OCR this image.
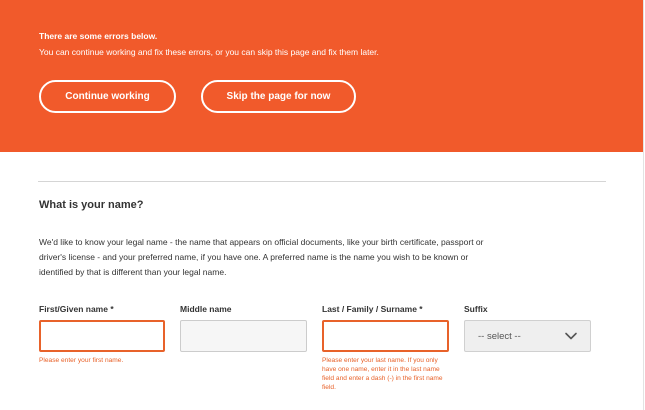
There are some errors below.
You can continue working and fix these errors, or you can skip this page and fix them later.
Continue working	Skip the page for now
What is your name?

We'd like to know your legal name - the name that appears on official documents, like your birth certificate, passport or driver's license - and your preferred name, if you have one. A preferred name is the name you wish to be known or identified by that is different than your legal name.

First/Given name *

Please enter your first name.

Middle name	Last / Family / Surname *

Please enter your last name. If you only have one name, enter it in the last name field and enter a dash (-) in the first name field.

Suffix
-- select --
